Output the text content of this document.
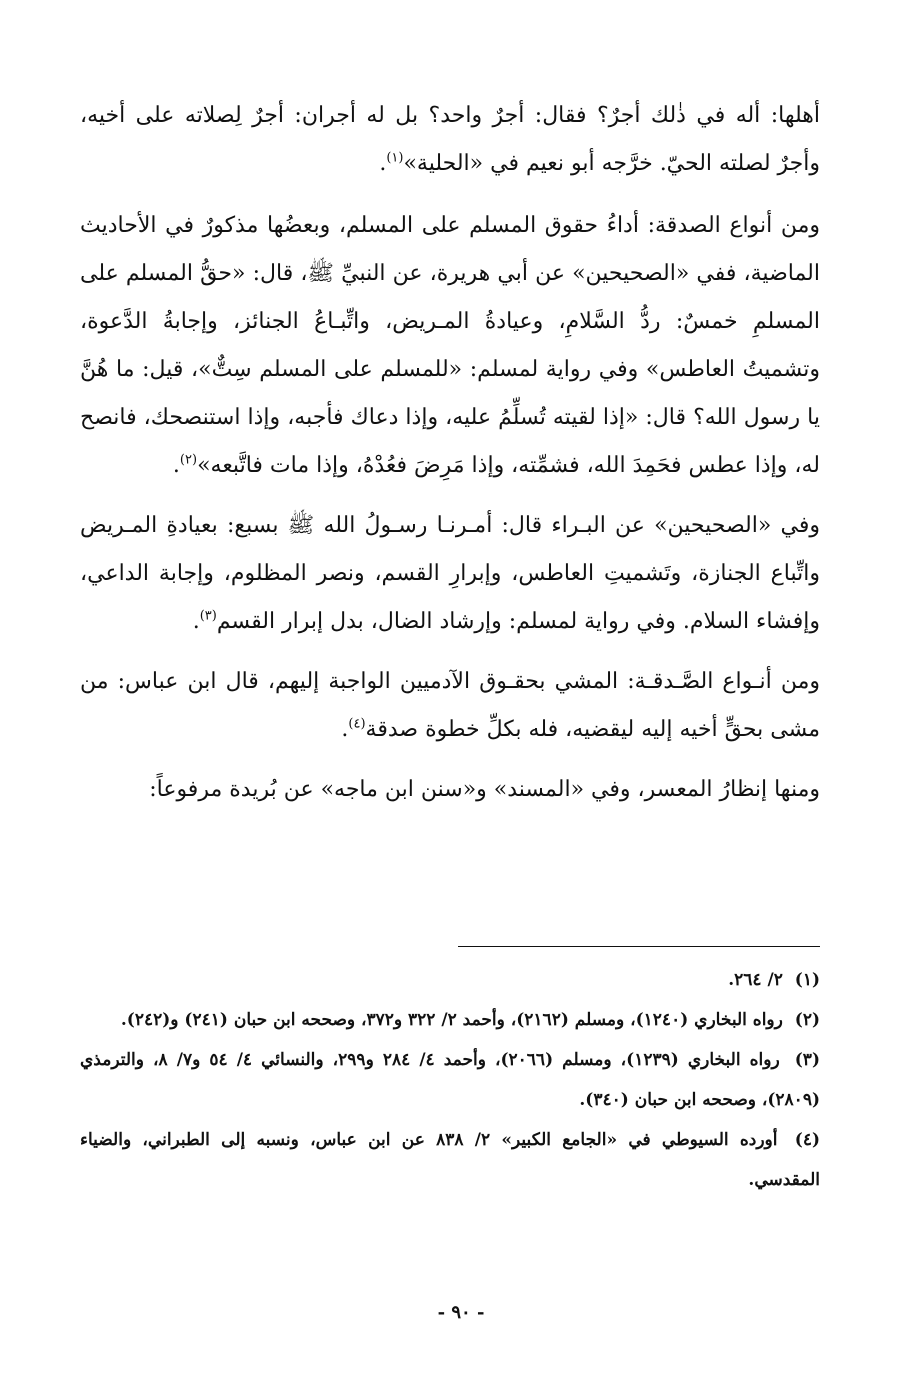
أهلها: أله في ذٰلك أجرٌ؟ فقال: أجرٌ واحد؟ بل له أجران: أجرٌ لِصلاته على أخيه، وأجرٌ لصلته الحيّ. خرَّجه أبو نعيم في «الحلية»$^{(١)}$.

ومن أنواع الصدقة: أداءُ حقوق المسلم على المسلم، وبعضُها مذكورٌ في الأحاديث الماضية، ففي «الصحيحين» عن أبي هريرة، عن النبيِّ ﷺ، قال: «حقُّ المسلم على المسلمِ خمسٌ: ردُّ السَّلامِ، وعيادةُ المـريض، واتِّبـاعُ الجنائز، وإجابةُ الدَّعوة، وتشميتُ العاطس» وفي رواية لمسلم: «للمسلم على المسلم سِتٌّ»، قيل: ما هُنَّ يا رسول الله؟ قال: «إذا لقيته تُسلِّمُ عليه، وإذا دعاك فأجبه، وإذا استنصحك، فانصح له، وإذا عطس فحَمِدَ الله، فشمِّته، وإذا مَرِضَ فعُدْهُ، وإذا مات فاتَّبعه»$^{(٢)}$.

وفي «الصحيحين» عن البـراء قال: أمـرنـا رسـولُ الله ﷺ بسبع: بعيادةِ المـريض واتِّباع الجنازة، وتَشميتِ العاطس، وإبرارِ القسم، ونصر المظلوم، وإجابة الداعي، وإفشاء السلام. وفي رواية لمسلم: وإرشاد الضال، بدل إبرار القسم$^{(٣)}$.

ومن أنـواع الصَّـدقـة: المشي بحقـوق الآدميين الواجبة إليهم، قال ابن عباس: من مشى بحقٍّ أخيه إليه ليقضيه، فله بكلِّ خطوة صدقة$^{(٤)}$.

ومنها إنظارُ المعسر، وفي «المسند» و«سنن ابن ماجه» عن بُريدة مرفوعاً:

(١) ٢/ ٢٦٤.

(٢) رواه البخاري (١٢٤٠)، ومسلم (٢١٦٢)، وأحمد ٢/ ٣٢٢ و٣٧٢، وصححه ابن حبان (٢٤١) و(٢٤٢).

(٣) رواه البخاري (١٢٣٩)، ومسلم (٢٠٦٦)، وأحمد ٤/ ٢٨٤ و٢٩٩، والنسائي ٤/ ٥٤ و٧/ ٨، والترمذي (٢٨٠٩)، وصححه ابن حبان (٣٤٠).

(٤) أورده السيوطي في «الجامع الكبير» ٢/ ٨٣٨ عن ابن عباس، ونسبه إلى الطبراني، والضياء المقدسي.

- ٩٠ -
